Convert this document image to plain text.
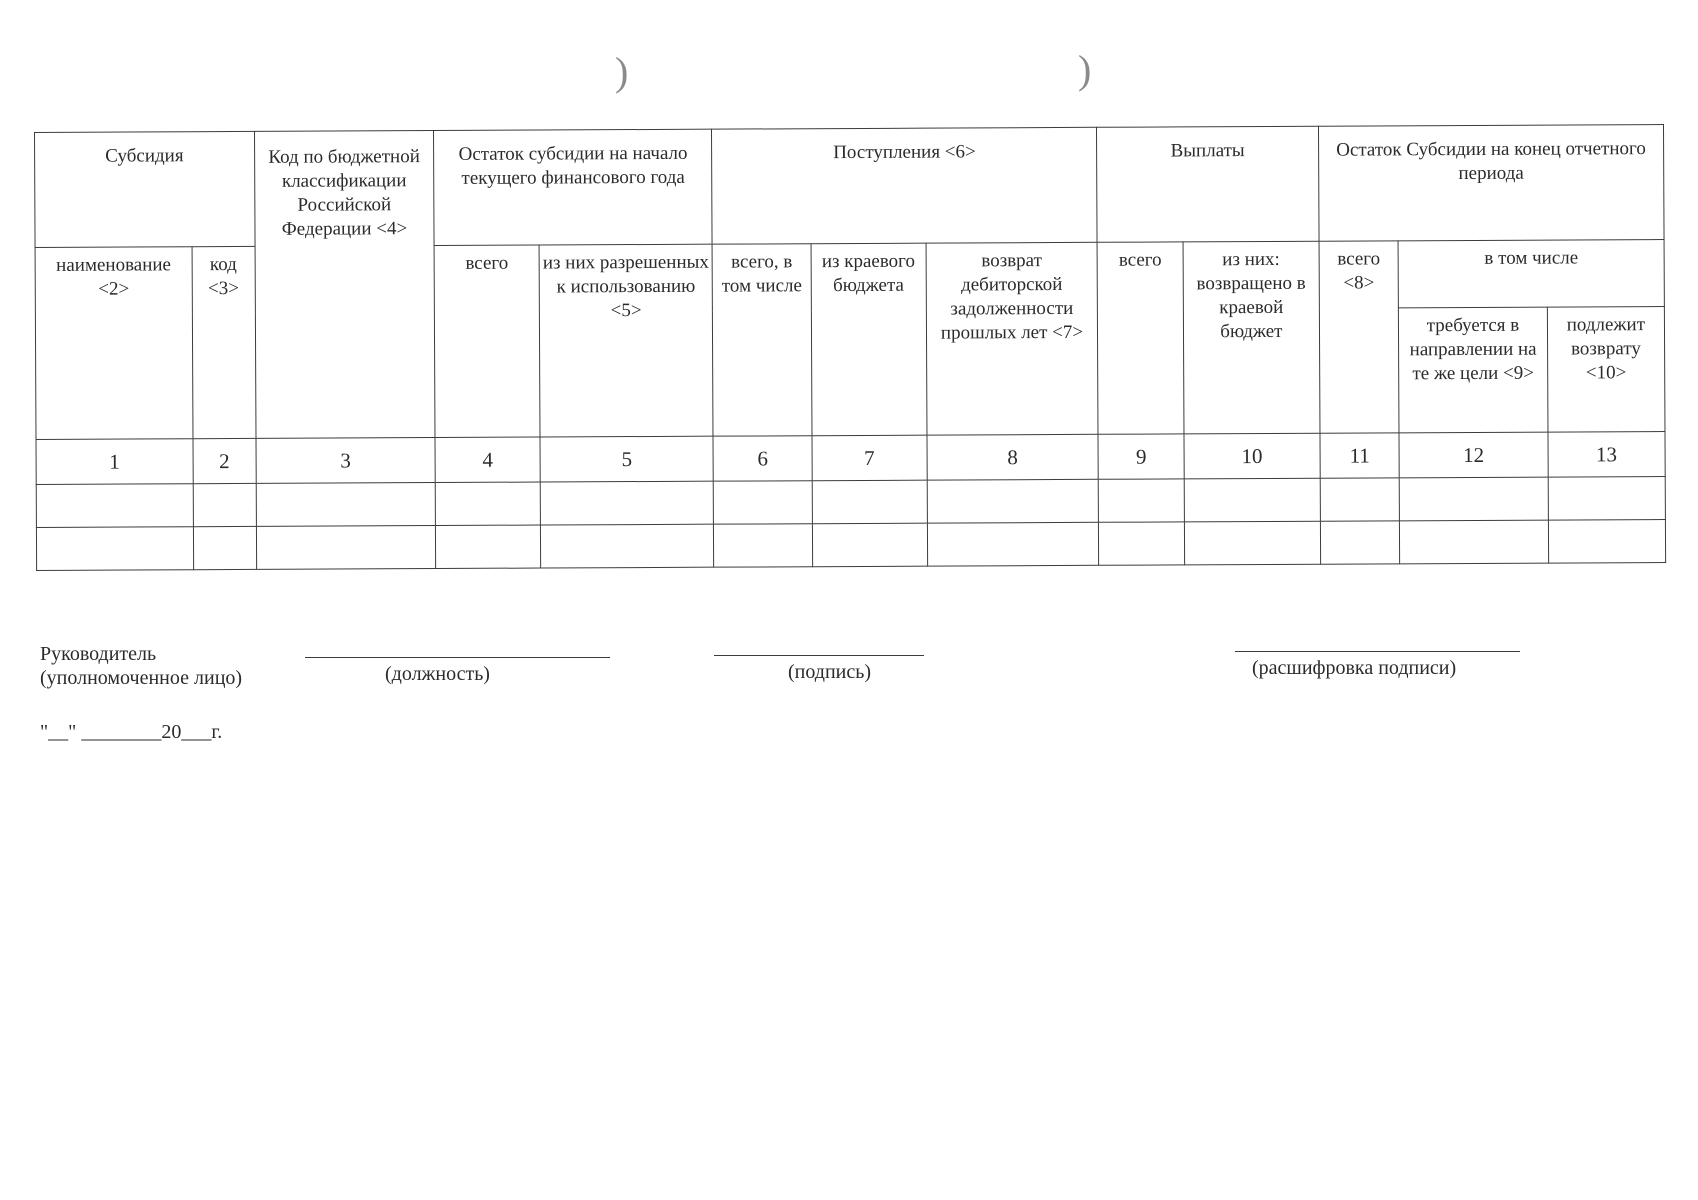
)	)
Субсидия		Код по бюджетной классификации Российской Федерации <4>	Остаток субсидии на начало текущего финансового года		Поступления <6>			Выплаты		Остаток Субсидии на конец отчетного периода		
наименование <2>	код <3>		всего	из них разрешенных к использованию <5>	всего, в том числе	из краевого бюджета	возврат дебиторской задолженности прошлых лет <7>	всего	из них: возвращено в краевой бюджет	всего <8>	в том числе	
											требуется в направлении на те же цели <9>	подлежит возврату <10>
1	2	3	4	5	6	7	8	9	10	11	12	13

Руководитель
(уполномоченное лицо)	(должность)	(подпись)	(расшифровка подписи)
"__" ________20___г.
